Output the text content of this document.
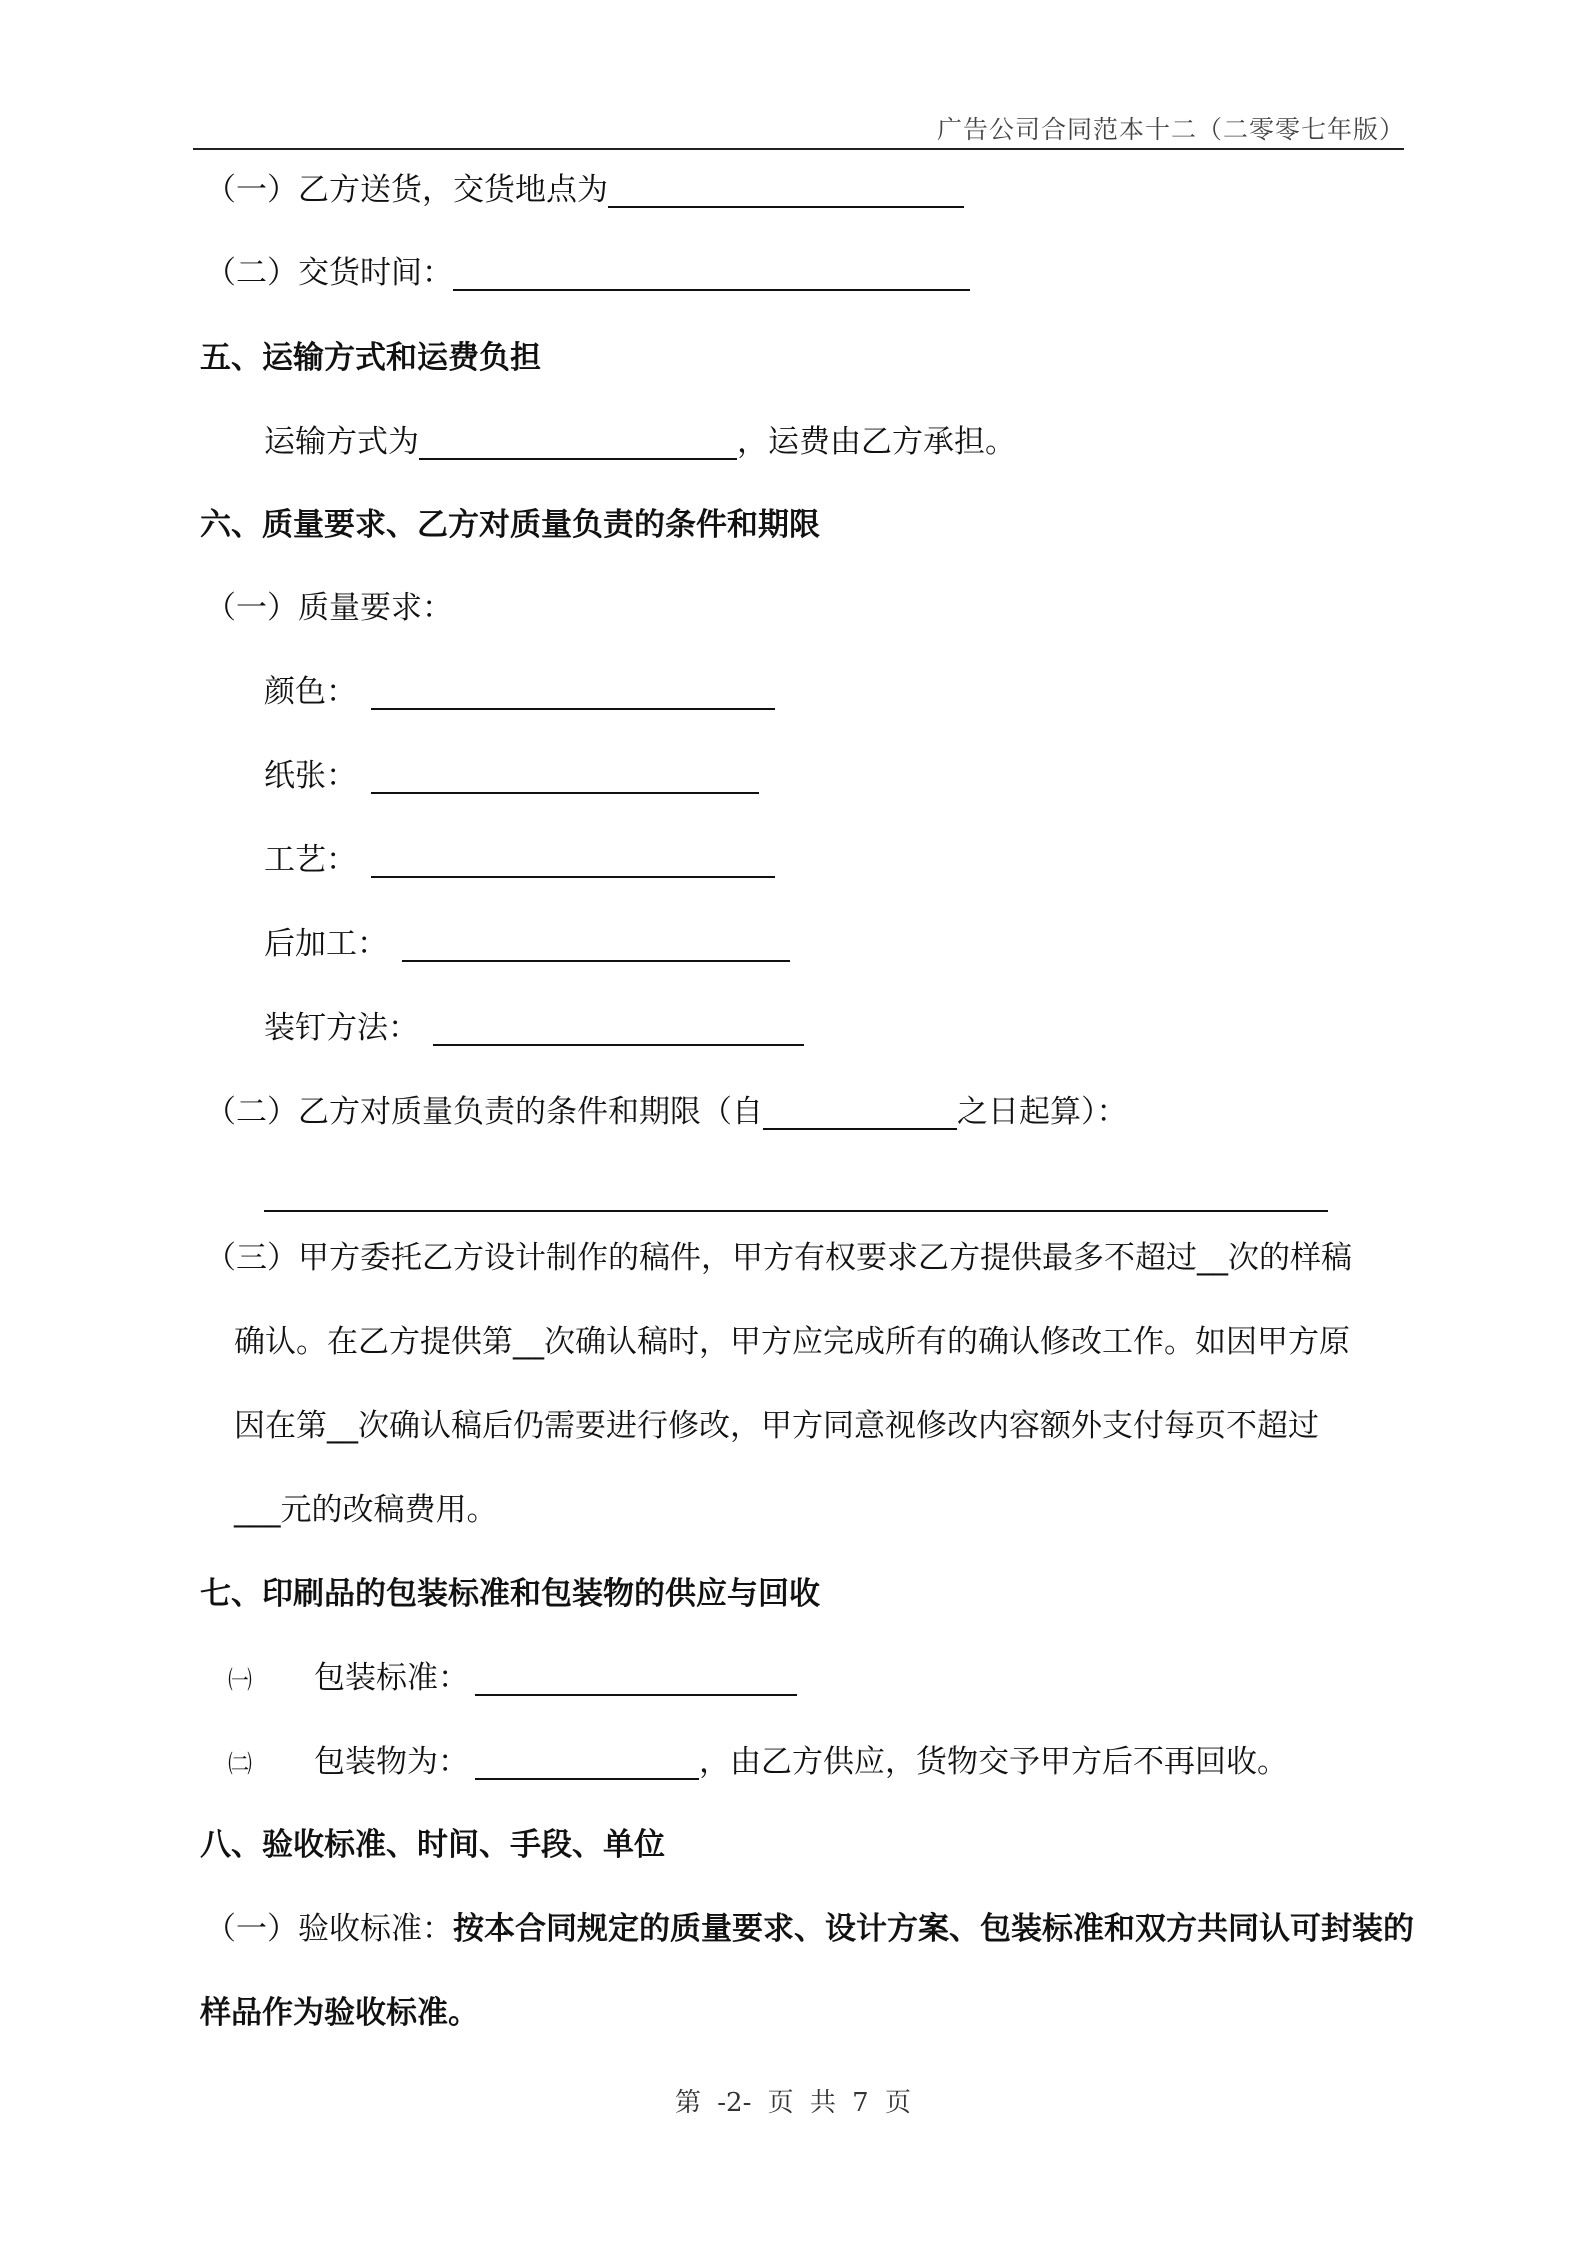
广告公司合同范本十二（二零零七年版）
（一）乙方送货，交货地点为
（二）交货时间：
五、运输方式和运费负担
运输方式为	，运费由乙方承担。
六、质量要求、乙方对质量负责的条件和期限
（一）质量要求：
颜色：
纸张：
工艺：
后加工：
装钉方法：
（二）乙方对质量负责的条件和期限（自	之日起算）：
（三）甲方委托乙方设计制作的稿件，甲方有权要求乙方提供最多不超过__次的样稿
确认。在乙方提供第__次确认稿时，甲方应完成所有的确认修改工作。如因甲方原
因在第__次确认稿后仍需要进行修改，甲方同意视修改内容额外支付每页不超过
___元的改稿费用。
七、印刷品的包装标准和包装物的供应与回收
㈠ 包装标准：
㈡ 包装物为：	，由乙方供应，货物交予甲方后不再回收。
八、验收标准、时间、手段、单位
（一）验收标准：按本合同规定的质量要求、设计方案、包装标准和双方共同认可封装的
样品作为验收标准。
第 -2- 页 共 7 页
